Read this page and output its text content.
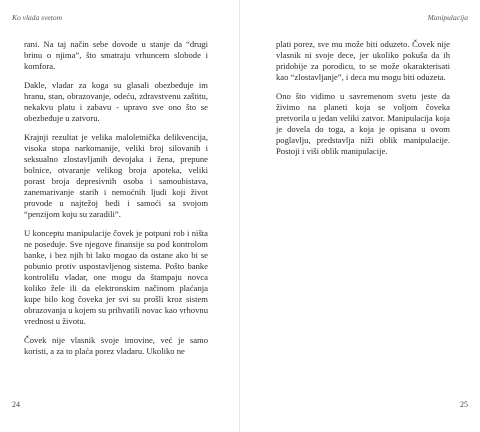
Ko vlada svetom

rani. Na taj način sebe dovode u stanje da “drugi brinu o njima”, što smatraju vrhuncem slobode i komfora.

Dakle, vladar za koga su glasali obezbeđuje im hranu, stan, obrazovanje, odeću, zdravstvenu zaštitu, nekakvu platu i zabavu - upravo sve ono što se obezbeđuje u zatvoru.

Krajnji rezultat je velika maloletnička delikvencija, visoka stopa narkomanije, veliki broj silovanih i seksualno zlostavljanih devojaka i žena, prepune bolnice, otvaranje velikog broja apoteka, veliki porast broja depresivnih osoba i samoubistava, zanemarivanje starih i nemoćnih ljudi koji život provode u najtežoj bedi i samoći sa svojom “penzijom koju su zaradili”.

U konceptu manipulacije čovek je potpuni rob i ništa ne poseduje. Sve njegove finansije su pod kontrolom banke, i bez njih bi lako mogao da ostane ako bi se pobunio protiv uspostavljenog sistema. Pošto banke kontrolišu vladar, one mogu da štampaju novca koliko žele ili da elektronskim načinom plaćanja kupe bilo kog čoveka jer svi su prošli kroz sistem obrazovanja u kojem su prihvatili novac kao vrhovnu vrednost u životu.

Čovek nije vlasnik svoje imovine, već je samo koristi, a za to plaća porez vladaru. Ukoliko ne

24
Manipulacija

plati porez, sve mu može biti oduzeto. Čovek nije vlasnik ni svoje dece, jer ukoliko pokuša da ih pridobije za porodicu, to se može okarakterisati kao “zlostavljanje”, i deca mu mogu biti oduzeta.

Ono što vidimo u savremenom svetu jeste da živimo na planeti koja se voljom čoveka pretvorila u jedan veliki zatvor. Manipulacija koja je dovela do toga, a koja je opisana u ovom poglavlju, predstavlja niži oblik manipulacije. Postoji i viši oblik manipulacije.

25
